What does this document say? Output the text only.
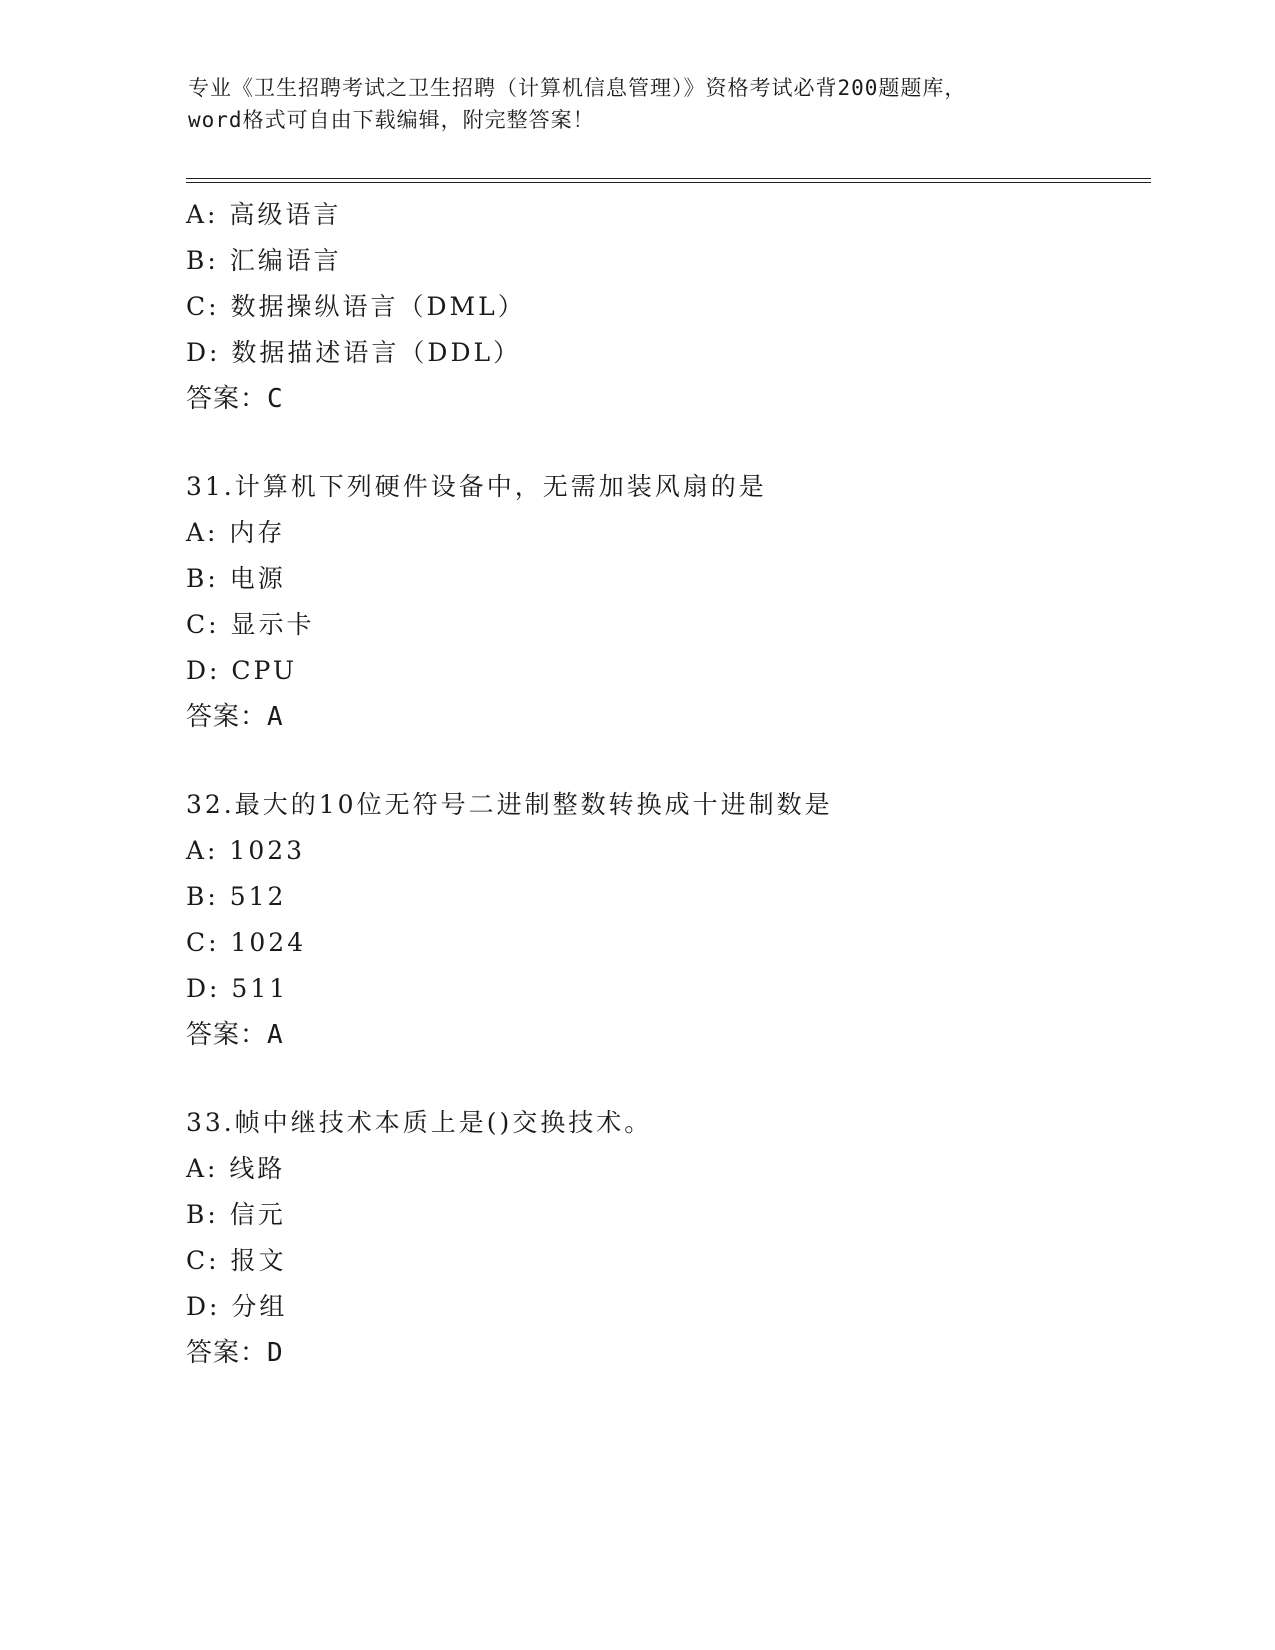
专业《卫生招聘考试之卫生招聘（计算机信息管理）》资格考试必背200题题库，
word格式可自由下载编辑，附完整答案！
A: 高级语言
B: 汇编语言
C: 数据操纵语言（DML）
D: 数据描述语言（DDL）
答案：C
31.计算机下列硬件设备中，无需加装风扇的是
A: 内存
B: 电源
C: 显示卡
D: CPU
答案：A
32.最大的10位无符号二进制整数转换成十进制数是
A: 1023
B: 512
C: 1024
D: 511
答案：A
33.帧中继技术本质上是()交换技术。
A: 线路
B: 信元
C: 报文
D: 分组
答案：D
